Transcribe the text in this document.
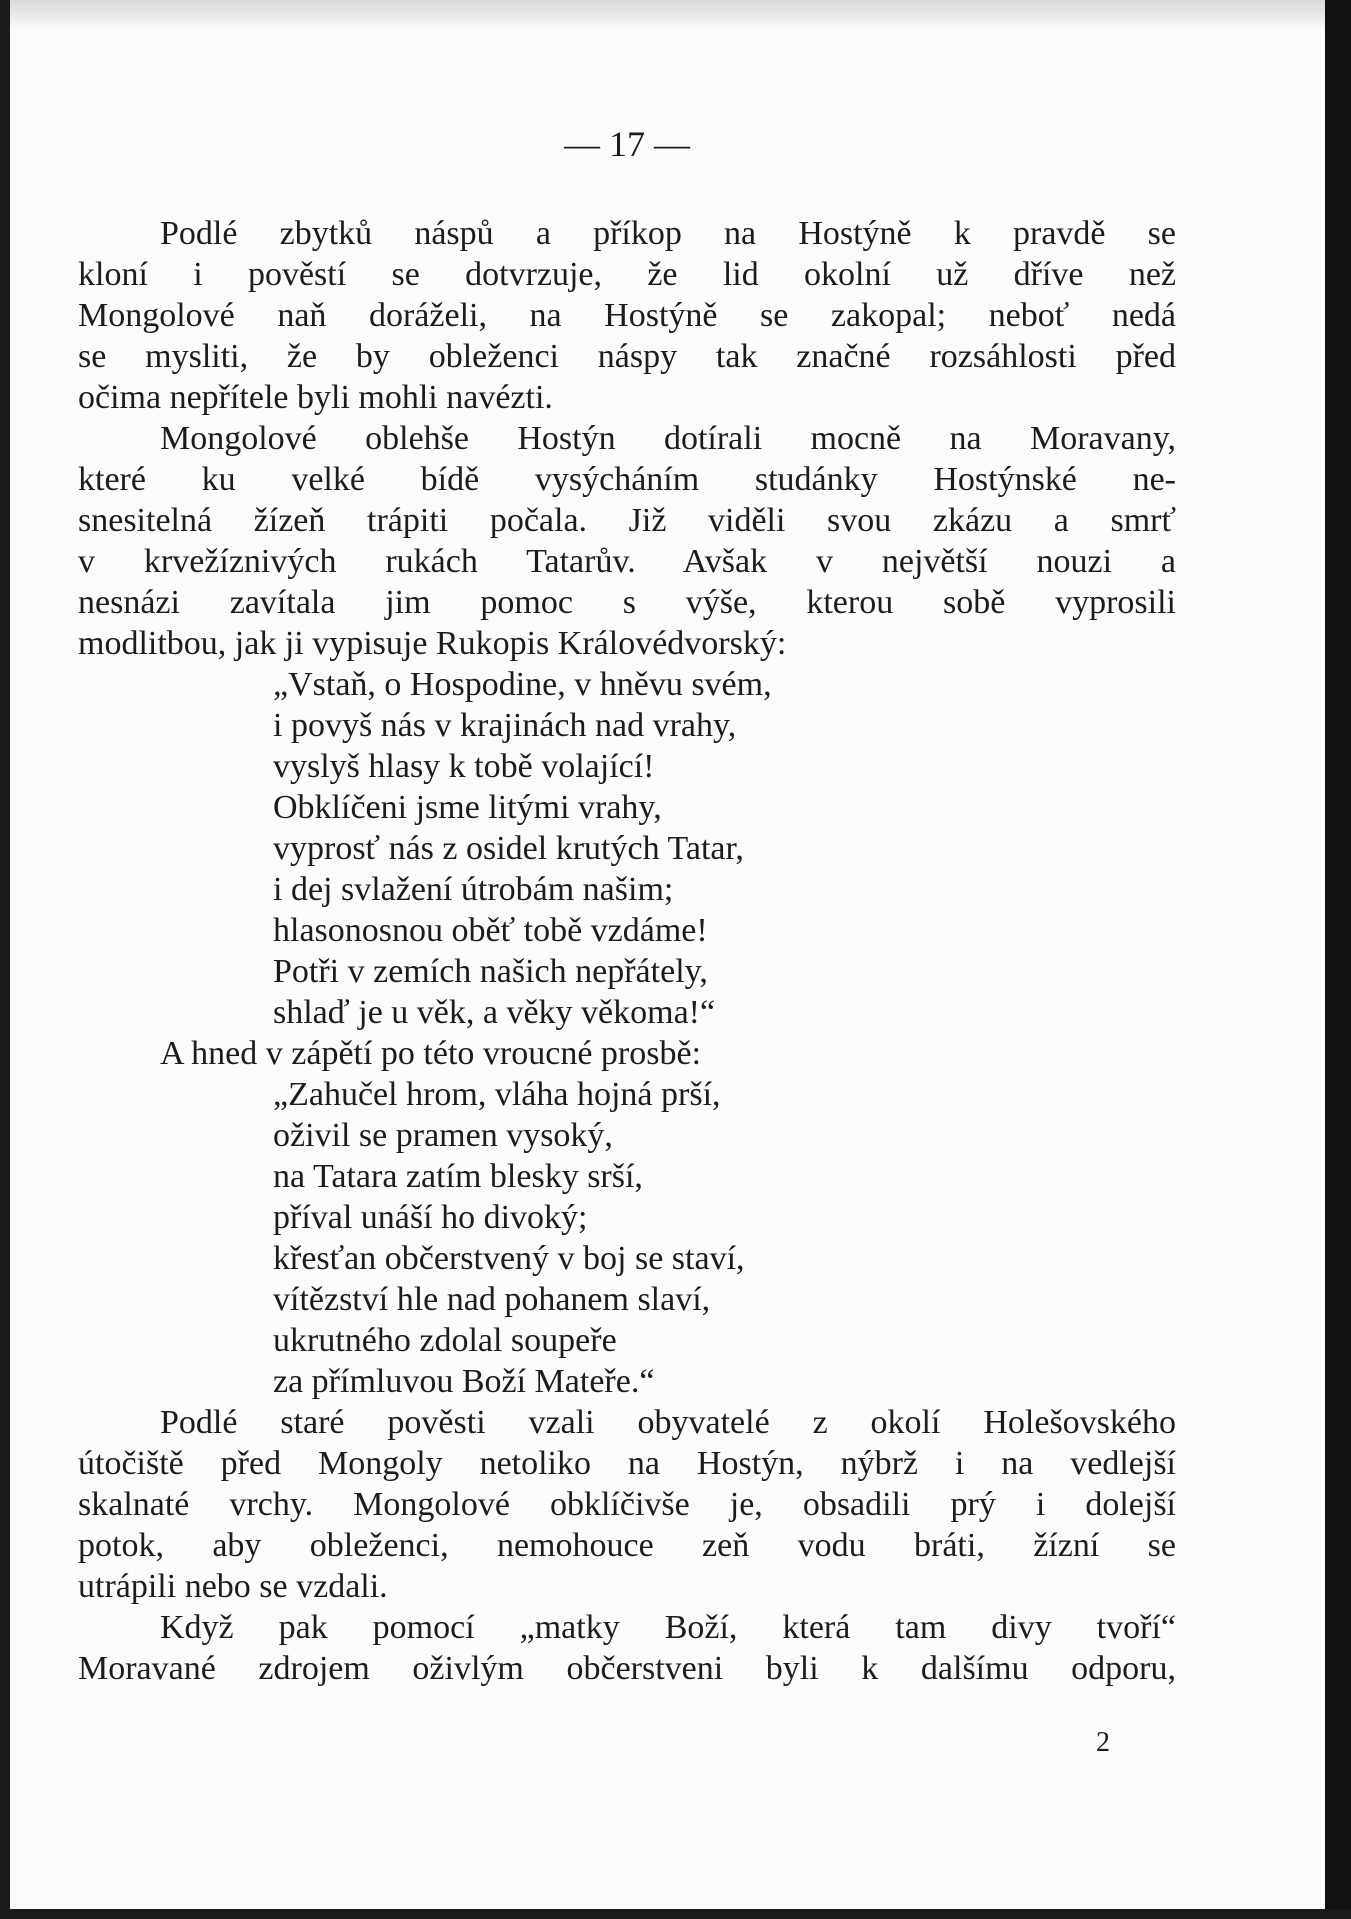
— 17 —
Podlé zbytků náspů a příkop na Hostýně k pravdě se
kloní i pověstí se dotvrzuje, že lid okolní už dříve než
Mongolové naň doráželi, na Hostýně se zakopal; neboť nedá
se mysliti, že by obleženci náspy tak značné rozsáhlosti před
očima nepřítele byli mohli navézti.
Mongolové oblehše Hostýn dotírali mocně na Moravany,
které ku velké bídě vysýcháním studánky Hostýnské ne-
snesitelná žízeň trápiti počala. Již viděli svou zkázu a smrť
v krvežíznivých rukách Tatarův. Avšak v největší nouzi a
nesnázi zavítala jim pomoc s výše, kterou sobě vyprosili
modlitbou, jak ji vypisuje Rukopis Královédvorský:
„Vstaň, o Hospodine, v hněvu svém,
i povyš nás v krajinách nad vrahy,
vyslyš hlasy k tobě volající!
Obklíčeni jsme litými vrahy,
vyprosť nás z osidel krutých Tatar,
i dej svlažení útrobám našim;
hlasonosnou oběť tobě vzdáme!
Potři v zemích našich nepřátely,
shlaď je u věk, a věky věkoma!“
A hned v zápětí po této vroucné prosbě:
„Zahučel hrom, vláha hojná prší,
oživil se pramen vysoký,
na Tatara zatím blesky srší,
příval unáší ho divoký;
křesťan občerstvený v boj se staví,
vítězství hle nad pohanem slaví,
ukrutného zdolal soupeře
za přímluvou Boží Mateře.“
Podlé staré pověsti vzali obyvatelé z okolí Holešovského
útočiště před Mongoly netoliko na Hostýn, nýbrž i na vedlejší
skalnaté vrchy. Mongolové obklíčivše je, obsadili prý i dolejší
potok, aby obleženci, nemohouce zeň vodu bráti, žízní se
utrápili nebo se vzdali.
Když pak pomocí „matky Boží, která tam divy tvoří“
Moravané zdrojem oživlým občerstveni byli k dalšímu odporu,
2
